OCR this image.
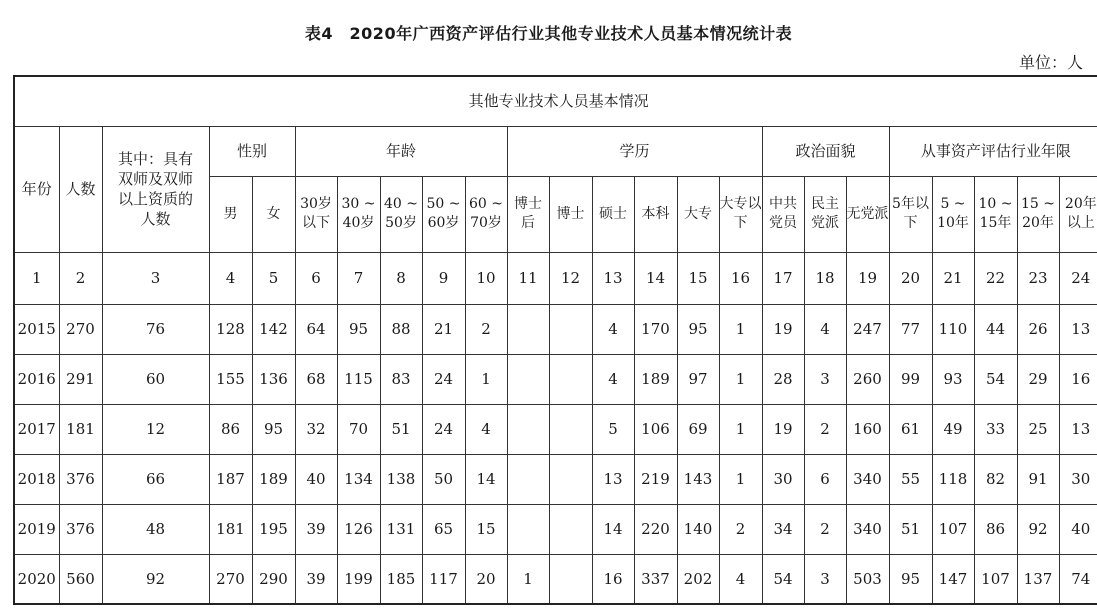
表4　2020年广西资产评估行业其他专业技术人员基本情况统计表
单位：人
其他专业技术人员基本情况																							
年份	人数	其中：具有双师及双师以上资质的人数	性别		年龄					学历						政治面貌			从事资产评估行业年限				
			男	女	30岁以下	30 ~ 40岁	40 ~ 50岁	50 ~ 60岁	60 ~ 70岁	博士后	博士	硕士	本科	大专	大专以下	中共党员	民主党派	无党派	5年以下	5 ~ 10年	10 ~ 15年	15 ~ 20年	20年以上
1	2	3	4	5	6	7	8	9	10	11	12	13	14	15	16	17	18	19	20	21	22	23	24
2015	270	76	128	142	64	95	88	21	2			4	170	95	1	19	4	247	77	110	44	26	13
2016	291	60	155	136	68	115	83	24	1			4	189	97	1	28	3	260	99	93	54	29	16
2017	181	12	86	95	32	70	51	24	4			5	106	69	1	19	2	160	61	49	33	25	13
2018	376	66	187	189	40	134	138	50	14			13	219	143	1	30	6	340	55	118	82	91	30
2019	376	48	181	195	39	126	131	65	15			14	220	140	2	34	2	340	51	107	86	92	40
2020	560	92	270	290	39	199	185	117	20	1		16	337	202	4	54	3	503	95	147	107	137	74
